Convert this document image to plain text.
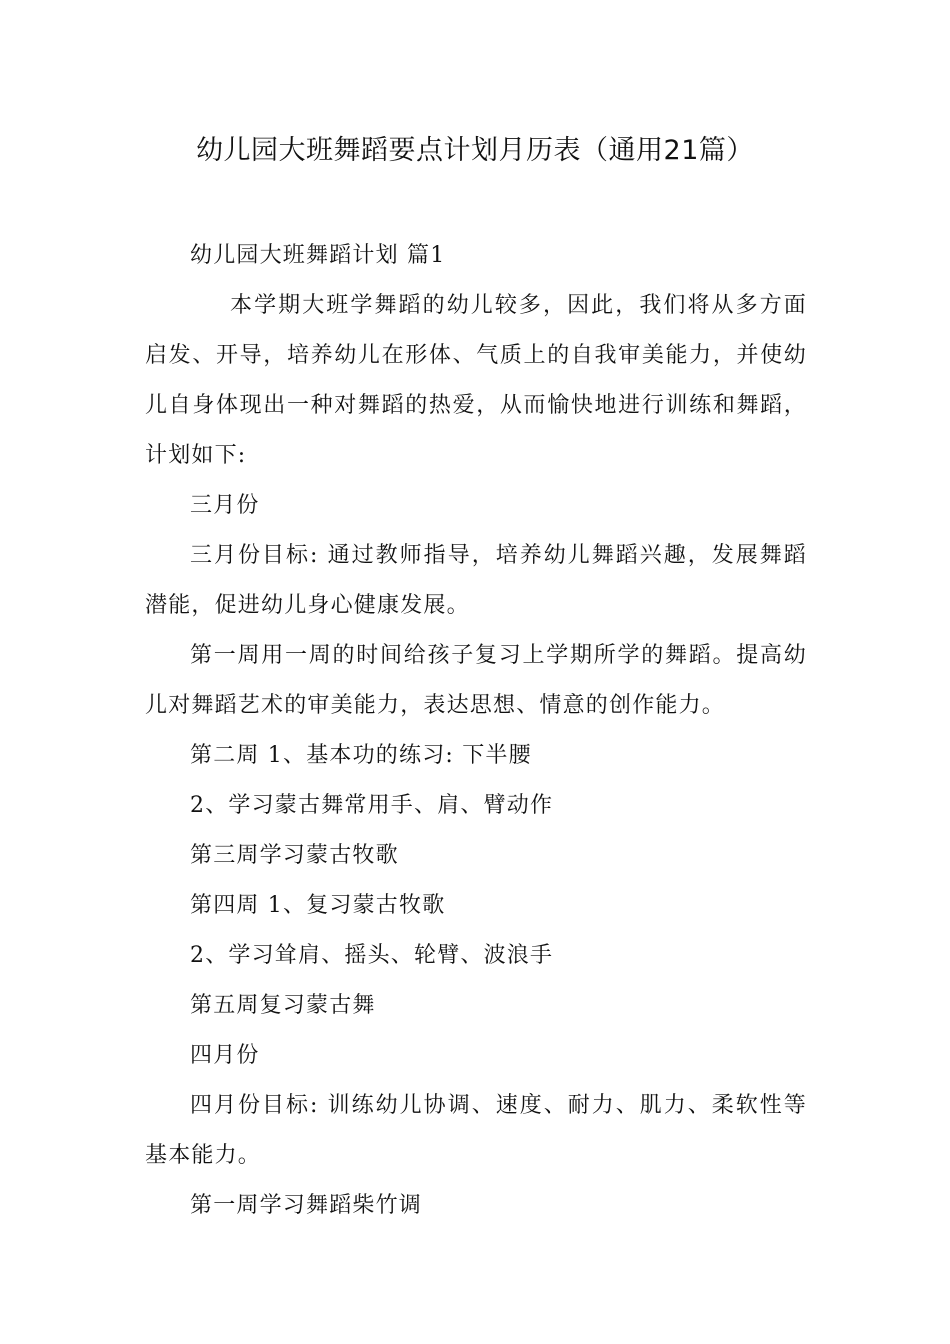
幼儿园大班舞蹈要点计划月历表（通用21篇）

幼儿园大班舞蹈计划 篇1

本学期大班学舞蹈的幼儿较多，因此，我们将从多方面启发、开导，培养幼儿在形体、气质上的自我审美能力，并使幼儿自身体现出一种对舞蹈的热爱，从而愉快地进行训练和舞蹈，计划如下:

三月份

三月份目标: 通过教师指导，培养幼儿舞蹈兴趣，发展舞蹈潜能，促进幼儿身心健康发展。

第一周用一周的时间给孩子复习上学期所学的舞蹈。提高幼儿对舞蹈艺术的审美能力，表达思想、情意的创作能力。

第二周 1、基本功的练习: 下半腰

2、学习蒙古舞常用手、肩、臂动作

第三周学习蒙古牧歌

第四周 1、复习蒙古牧歌

2、学习耸肩、摇头、轮臂、波浪手

第五周复习蒙古舞

四月份

四月份目标: 训练幼儿协调、速度、耐力、肌力、柔软性等基本能力。

第一周学习舞蹈柴竹调
